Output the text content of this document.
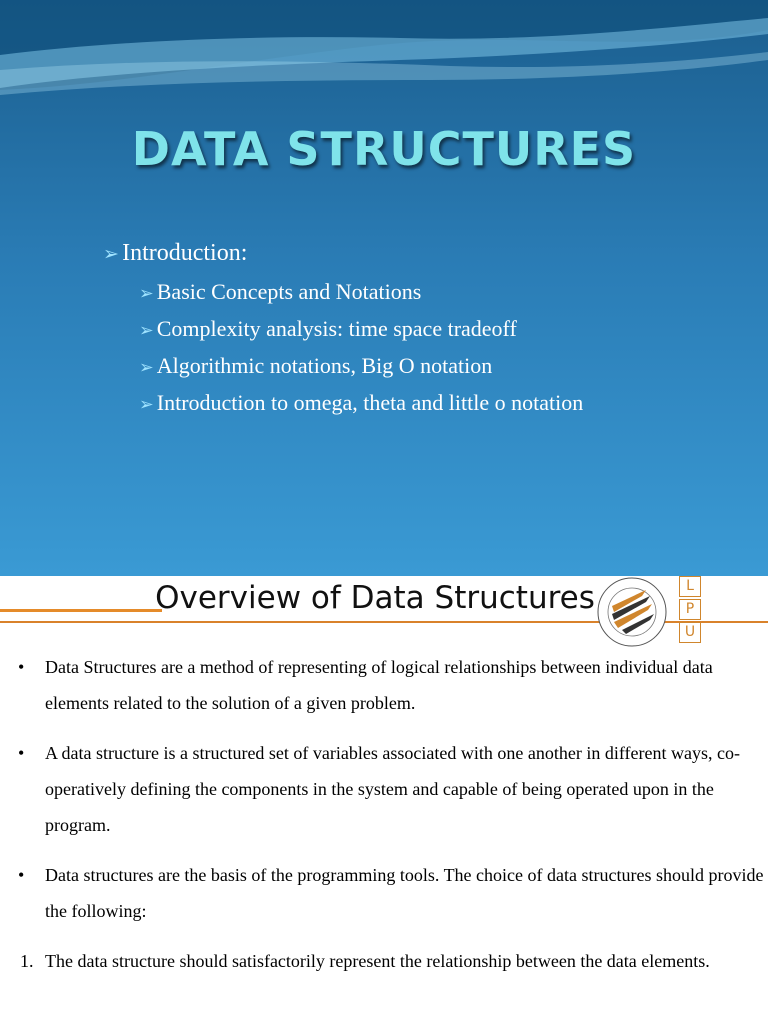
DATA STRUCTURES
➢ Introduction:
➢ Basic Concepts and Notations
➢ Complexity analysis: time space tradeoff
➢ Algorithmic notations, Big O notation
➢ Introduction to omega, theta and little o notation
Overview of Data Structures	L
P
U
• Data Structures are a method of representing of logical relationships between individual data elements related to the solution of a given problem.
• A data structure is a structured set of variables associated with one another in different ways, co-operatively defining the components in the system and capable of being operated upon in the program.
• Data structures are the basis of the programming tools. The choice of data structures should provide the following:
1. The data structure should satisfactorily represent the relationship between the data elements.
